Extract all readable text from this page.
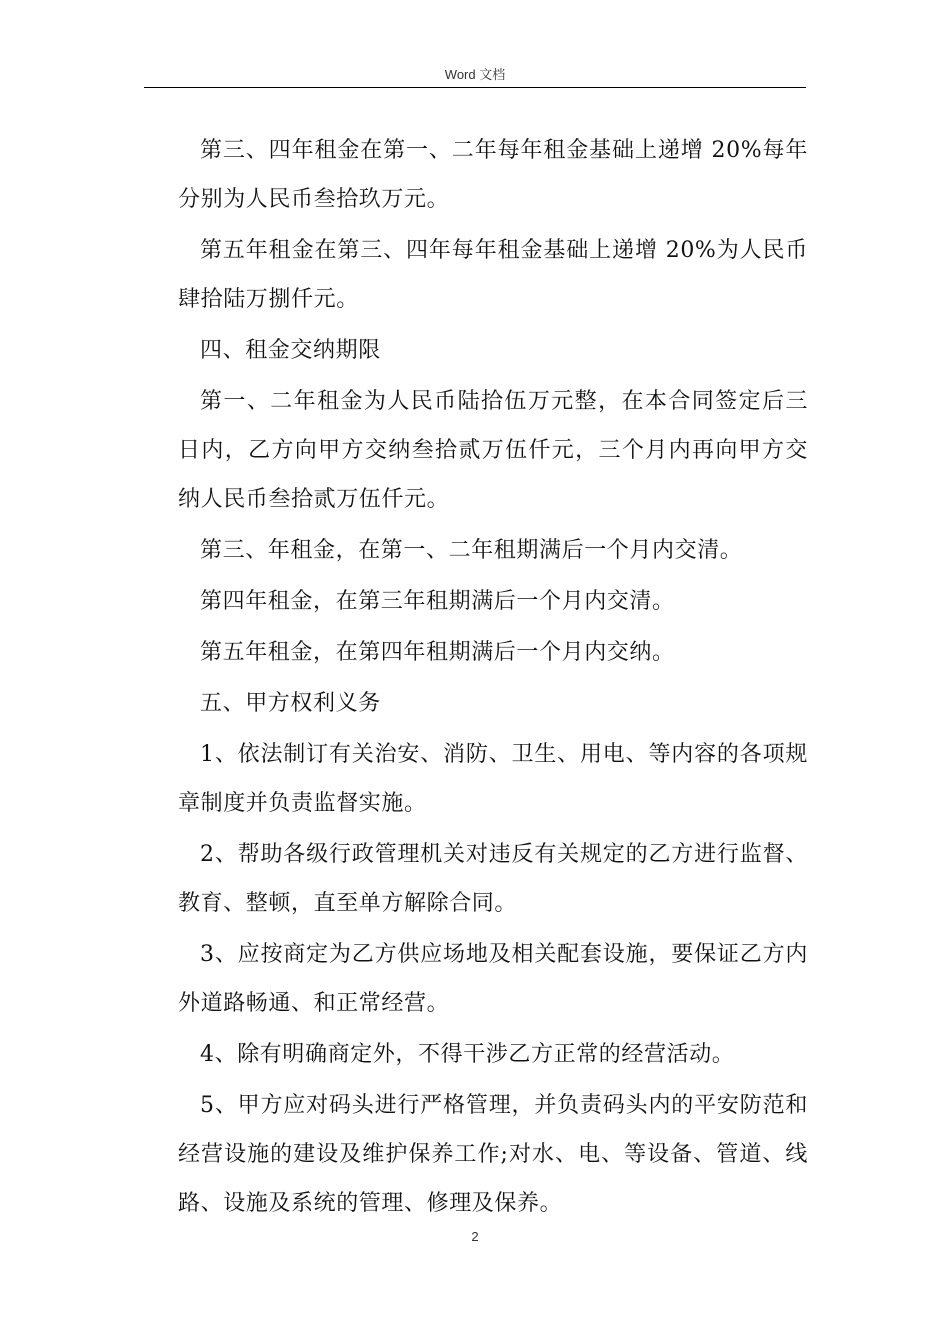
Word 文档

第三、四年租金在第一、二年每年租金基础上递增 20%每年分别为人民币叁拾玖万元。

第五年租金在第三、四年每年租金基础上递增 20%为人民币肆拾陆万捌仟元。

四、租金交纳期限

第一、二年租金为人民币陆拾伍万元整，在本合同签定后三日内，乙方向甲方交纳叁拾贰万伍仟元，三个月内再向甲方交纳人民币叁拾贰万伍仟元。

第三、年租金，在第一、二年租期满后一个月内交清。

第四年租金，在第三年租期满后一个月内交清。

第五年租金，在第四年租期满后一个月内交纳。

五、甲方权利义务

1、依法制订有关治安、消防、卫生、用电、等内容的各项规章制度并负责监督实施。

2、帮助各级行政管理机关对违反有关规定的乙方进行监督、教育、整顿，直至单方解除合同。

3、应按商定为乙方供应场地及相关配套设施，要保证乙方内外道路畅通、和正常经营。

4、除有明确商定外，不得干涉乙方正常的经营活动。

5、甲方应对码头进行严格管理，并负责码头内的平安防范和经营设施的建设及维护保养工作;对水、电、等设备、管道、线路、设施及系统的管理、修理及保养。

2
